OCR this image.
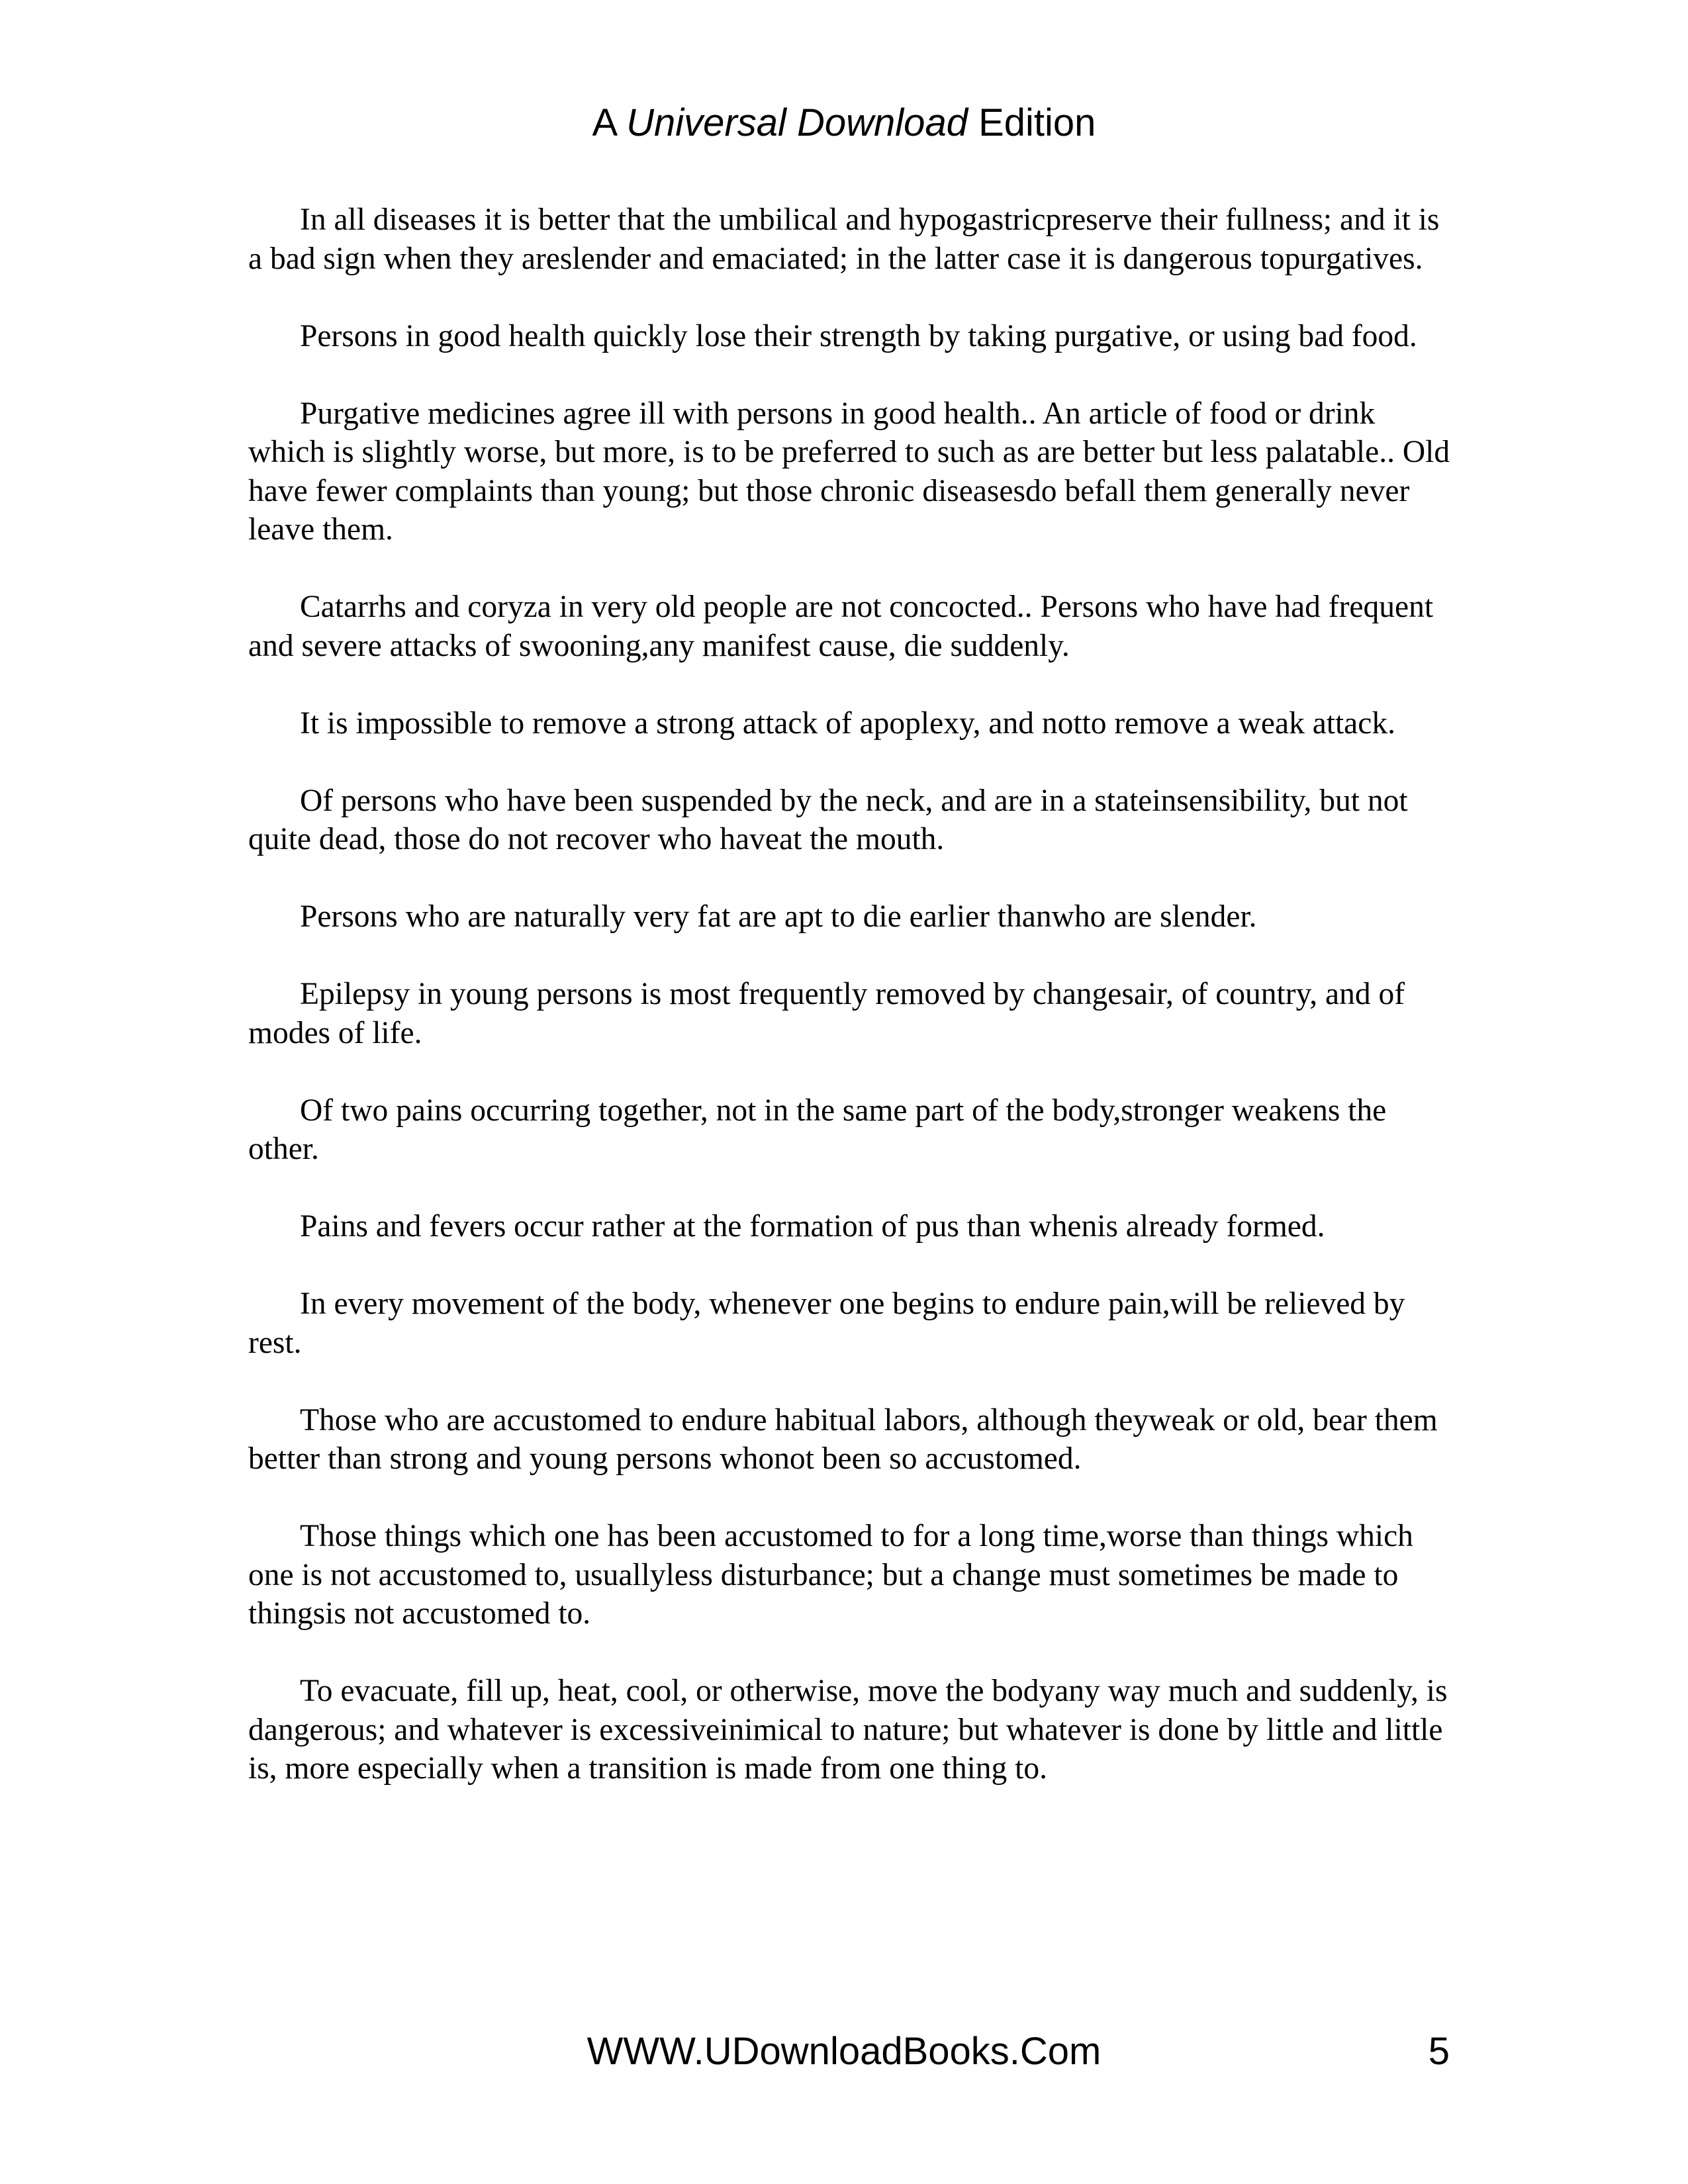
A Universal Download Edition

In all diseases it is better that the umbilical and hypogastricpreserve their fullness; and it is a bad sign when they areslender and emaciated; in the latter case it is dangerous topurgatives.

Persons in good health quickly lose their strength by taking purgative, or using bad food.

Purgative medicines agree ill with persons in good health.. An article of food or drink which is slightly worse, but more, is to be preferred to such as are better but less palatable.. Old have fewer complaints than young; but those chronic diseasesdo befall them generally never leave them.

Catarrhs and coryza in very old people are not concocted.. Persons who have had frequent and severe attacks of swooning,any manifest cause, die suddenly.

It is impossible to remove a strong attack of apoplexy, and notto remove a weak attack.

Of persons who have been suspended by the neck, and are in a stateinsensibility, but not quite dead, those do not recover who haveat the mouth.

Persons who are naturally very fat are apt to die earlier thanwho are slender.

Epilepsy in young persons is most frequently removed by changesair, of country, and of modes of life.

Of two pains occurring together, not in the same part of the body,stronger weakens the other.

Pains and fevers occur rather at the formation of pus than whenis already formed.

In every movement of the body, whenever one begins to endure pain,will be relieved by rest.

Those who are accustomed to endure habitual labors, although theyweak or old, bear them better than strong and young persons whonot been so accustomed.

Those things which one has been accustomed to for a long time,worse than things which one is not accustomed to, usuallyless disturbance; but a change must sometimes be made to thingsis not accustomed to.

To evacuate, fill up, heat, cool, or otherwise, move the bodyany way much and suddenly, is dangerous; and whatever is excessiveinimical to nature; but whatever is done by little and little is, more especially when a transition is made from one thing to.

WWW.UDownloadBooks.Com	5
